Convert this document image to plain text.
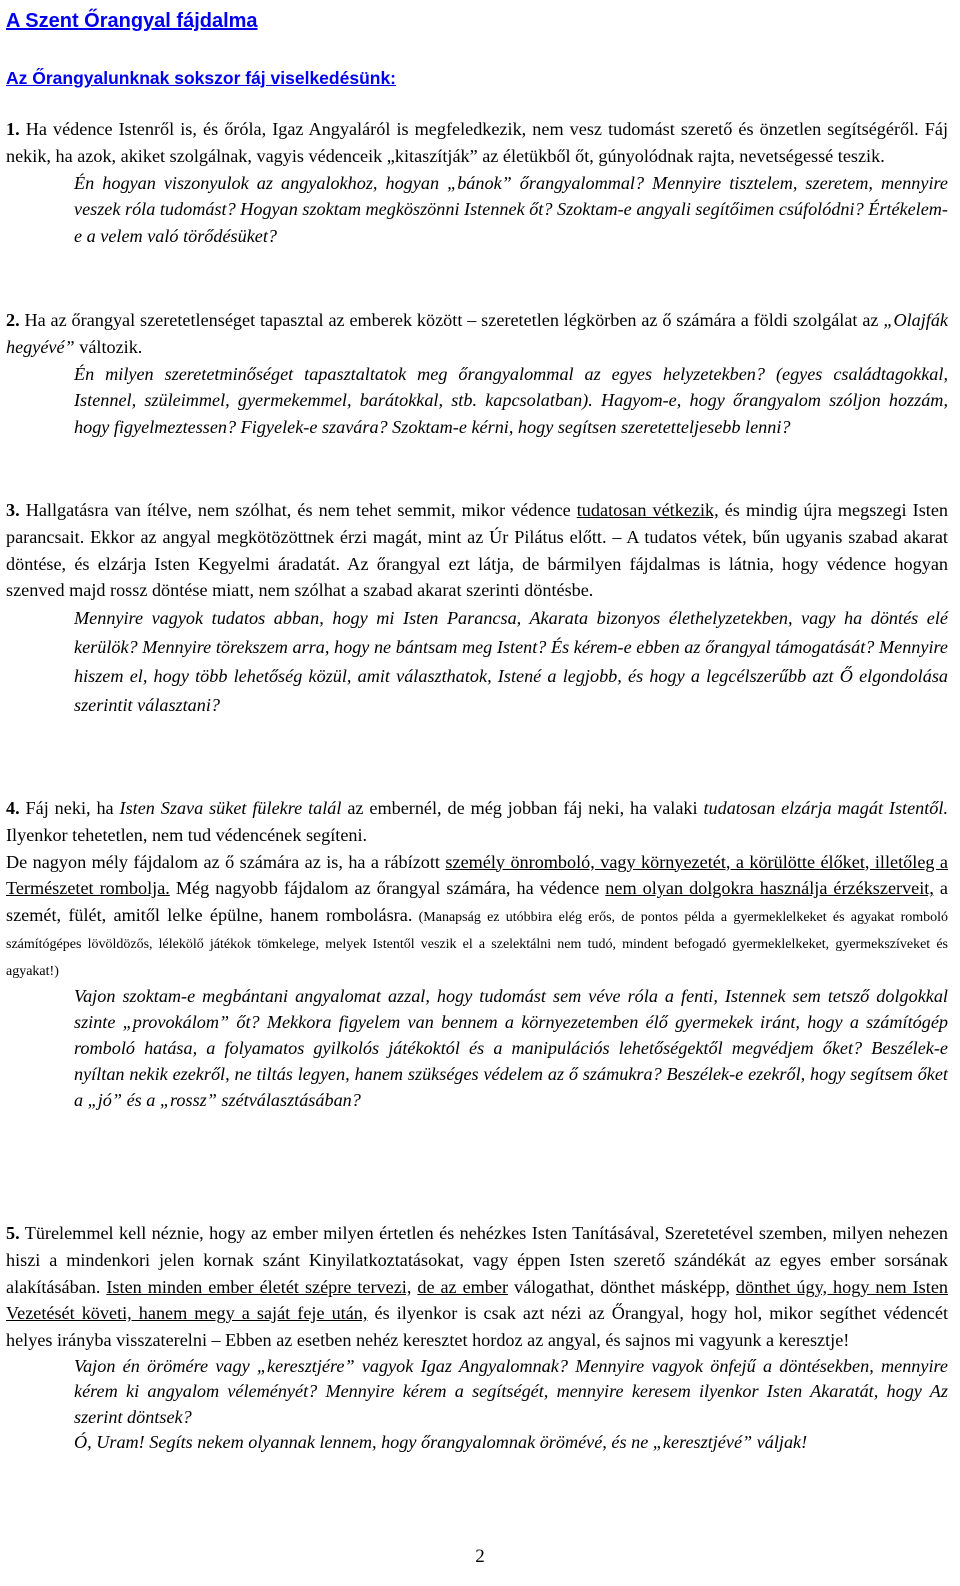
A Szent Őrangyal fájdalma
Az Őrangyalunknak sokszor fáj viselkedésünk:

1. Ha védence Istenről is, és őróla, Igaz Angyaláról is megfeledkezik, nem vesz tudomást szerető és önzetlen segítségéről. Fáj nekik, ha azok, akiket szolgálnak, vagyis védenceik „kitaszítják” az életükből őt, gúnyolódnak rajta, nevetségessé teszik.

Én hogyan viszonyulok az angyalokhoz, hogyan „bánok” őrangyalommal? Mennyire tisztelem, szeretem, mennyire veszek róla tudomást? Hogyan szoktam megköszönni Istennek őt? Szoktam-e angyali segítőimen csúfolódni? Értékelem-e a velem való törődésüket?

2. Ha az őrangyal szeretetlenséget tapasztal az emberek között – szeretetlen légkörben az ő számára a földi szolgálat az „Olajfák hegyévé” változik.

Én milyen szeretetminőséget tapasztaltatok meg őrangyalommal az egyes helyzetekben? (egyes családtagokkal, Istennel, szüleimmel, gyermekemmel, barátokkal, stb. kapcsolatban). Hagyom-e, hogy őrangyalom szóljon hozzám, hogy figyelmeztessen? Figyelek-e szavára? Szoktam-e kérni, hogy segítsen szeretetteljesebb lenni?

3. Hallgatásra van ítélve, nem szólhat, és nem tehet semmit, mikor védence tudatosan vétkezik, és mindig újra megszegi Isten parancsait. Ekkor az angyal megkötözöttnek érzi magát, mint az Úr Pilátus előtt. – A tudatos vétek, bűn ugyanis szabad akarat döntése, és elzárja Isten Kegyelmi áradatát. Az őrangyal ezt látja, de bármilyen fájdalmas is látnia, hogy védence hogyan szenved majd rossz döntése miatt, nem szólhat a szabad akarat szerinti döntésbe.

Mennyire vagyok tudatos abban, hogy mi Isten Parancsa, Akarata bizonyos élethelyzetekben, vagy ha döntés elé kerülök? Mennyire törekszem arra, hogy ne bántsam meg Istent? És kérem-e ebben az őrangyal támogatását? Mennyire hiszem el, hogy több lehetőség közül, amit választhatok, Istené a legjobb, és hogy a legcélszerűbb azt Ő elgondolása szerintit választani?

4. Fáj neki, ha Isten Szava süket fülekre talál az embernél, de még jobban fáj neki, ha valaki tudatosan elzárja magát Istentől. Ilyenkor tehetetlen, nem tud védencének segíteni.

De nagyon mély fájdalom az ő számára az is, ha a rábízott személy önromboló, vagy környezetét, a körülötte élőket, illetőleg a Természetet rombolja. Még nagyobb fájdalom az őrangyal számára, ha védence nem olyan dolgokra használja érzékszerveit, a szemét, fülét, amitől lelke épülne, hanem rombolásra. (Manapság ez utóbbira elég erős, de pontos példa a gyermeklelkeket és agyakat romboló számítógépes lövöldözős, lélekölő játékok tömkelege, melyek Istentől veszik el a szelektálni nem tudó, mindent befogadó gyermeklelkeket, gyermekszíveket és agyakat!)

Vajon szoktam-e megbántani angyalomat azzal, hogy tudomást sem véve róla a fenti, Istennek sem tetsző dolgokkal szinte „provokálom” őt? Mekkora figyelem van bennem a környezetemben élő gyermekek iránt, hogy a számítógép romboló hatása, a folyamatos gyilkolós játékoktól és a manipulációs lehetőségektől megvédjem őket? Beszélek-e nyíltan nekik ezekről, ne tiltás legyen, hanem szükséges védelem az ő számukra? Beszélek-e ezekről, hogy segítsem őket a „jó” és a „rossz” szétválasztásában?

5. Türelemmel kell néznie, hogy az ember milyen értetlen és nehézkes Isten Tanításával, Szeretetével szemben, milyen nehezen hiszi a mindenkori jelen kornak szánt Kinyilatkoztatásokat, vagy éppen Isten szerető szándékát az egyes ember sorsának alakításában. Isten minden ember életét szépre tervezi, de az ember válogathat, dönthet másképp, dönthet úgy, hogy nem Isten Vezetését követi, hanem megy a saját feje után, és ilyenkor is csak azt nézi az Őrangyal, hogy hol, mikor segíthet védencét helyes irányba visszaterelni – Ebben az esetben nehéz keresztet hordoz az angyal, és sajnos mi vagyunk a keresztje!

Vajon én örömére vagy „keresztjére” vagyok Igaz Angyalomnak? Mennyire vagyok önfejű a döntésekben, mennyire kérem ki angyalom véleményét? Mennyire kérem a segítségét, mennyire keresem ilyenkor Isten Akaratát, hogy Az szerint döntsek?

Ó, Uram! Segíts nekem olyannak lennem, hogy őrangyalomnak örömévé, és ne „keresztjévé” váljak!

2
